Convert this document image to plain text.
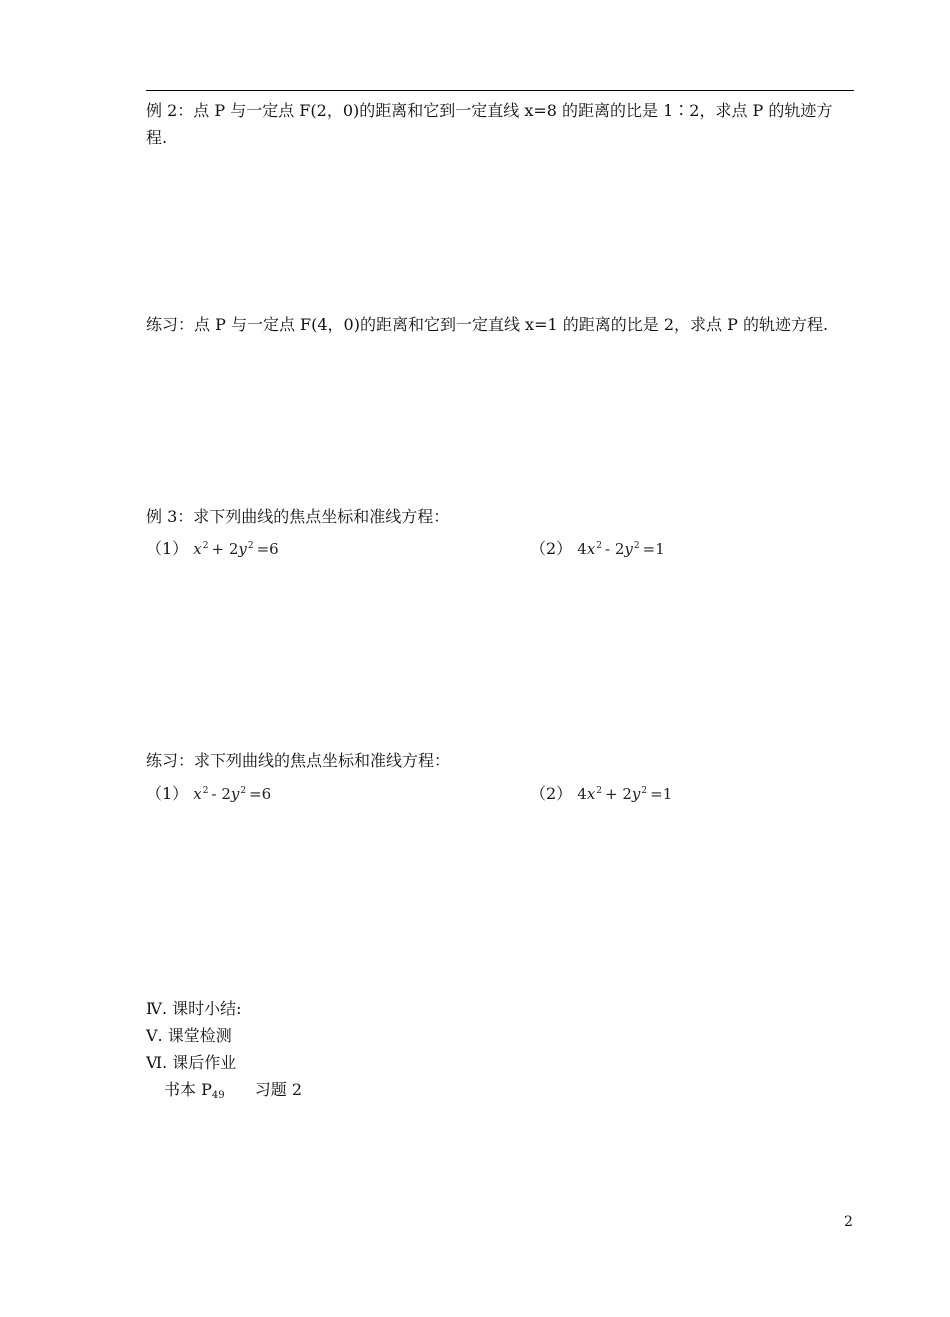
例 2：点 P 与一定点 F(2，0)的距离和它到一定直线 x=8 的距离的比是 1∶2，求点 P 的轨迹方
程.
练习：点 P 与一定点 F(4，0)的距离和它到一定直线 x=1 的距离的比是 2，求点 P 的轨迹方程.
例 3：求下列曲线的焦点坐标和准线方程：
（1） $x^2 + 2y^2 =6$	（2） $4x^2 - 2y^2 =1$
练习：求下列曲线的焦点坐标和准线方程：
（1） $x^2 - 2y^2 =6$	（2） $4x^2 + 2y^2 =1$
Ⅳ. 课时小结:
Ⅴ. 课堂检测
Ⅵ. 课后作业
书本 $P_{49}$ 习题 2
2
